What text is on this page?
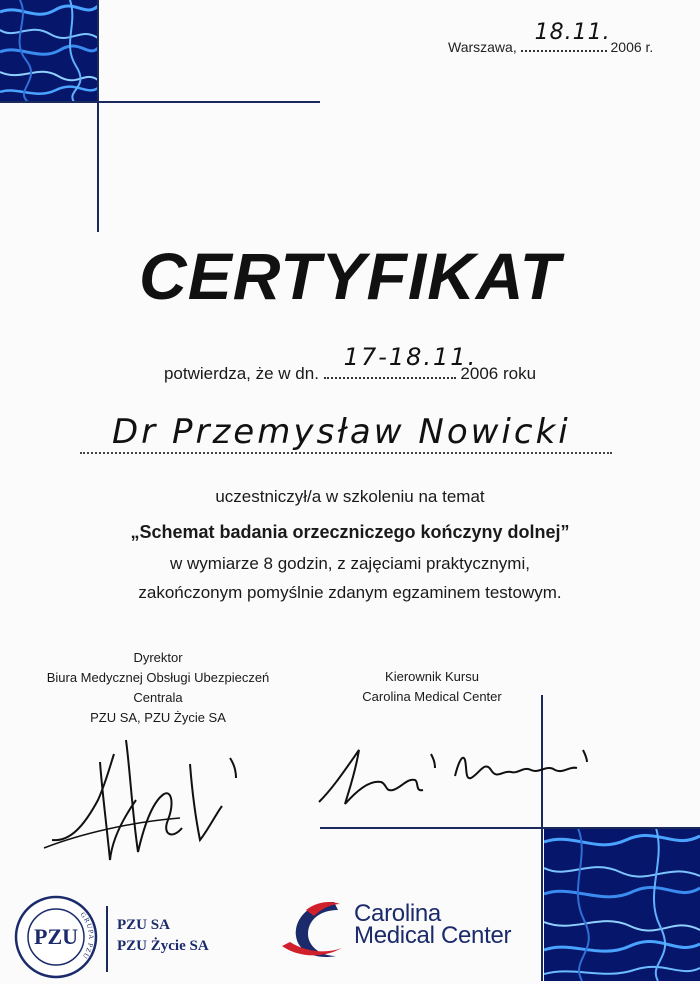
Warszawa,
18.11.
2006 r.
CERTYFIKAT
potwierdza, że w dn.
17-18.11.
2006 roku
Dr Przemysław Nowicki
uczestniczył/a w szkoleniu na temat
„Schemat badania orzeczniczego kończyny dolnej”
w wymiarze 8 godzin, z zajęciami praktycznymi,
zakończonym pomyślnie zdanym egzaminem testowym.
Dyrektor
Biura Medycznej Obsługi Ubezpieczeń
Centrala
PZU SA, PZU Życie SA
Kierownik Kursu
Carolina Medical Center
PZU
GRUPA PZU
PZU SA
PZU Życie SA
Carolina
Medical Center
